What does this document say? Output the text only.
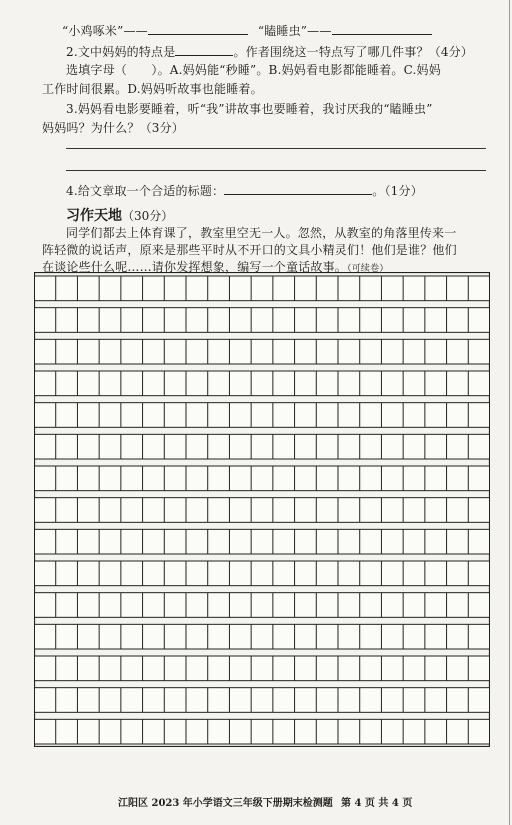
“小鸡啄米”——	“瞌睡虫”——
2.文中妈妈的特点是	。作者围绕这一特点写了哪几件事？（4分）
选填字母（　　）。A.妈妈能“秒睡”。B.妈妈看电影都能睡着。C.妈妈
工作时间很累。D.妈妈听故事也能睡着。
3.妈妈看电影要睡着，听“我”讲故事也要睡着，我讨厌我的“瞌睡虫”
妈妈吗？为什么？（3分）
4.给文章取一个合适的标题：	。（1分）
习作天地（30分）
同学们都去上体育课了，教室里空无一人。忽然，从教室的角落里传来一
阵轻微的说话声，原来是那些平时从不开口的文具小精灵们！他们是谁？他们
在谈论些什么呢……请你发挥想象，编写一个童话故事。（可续卷）
江阳区 2023 年小学语文三年级下册期末检测题 第 4 页 共 4 页
